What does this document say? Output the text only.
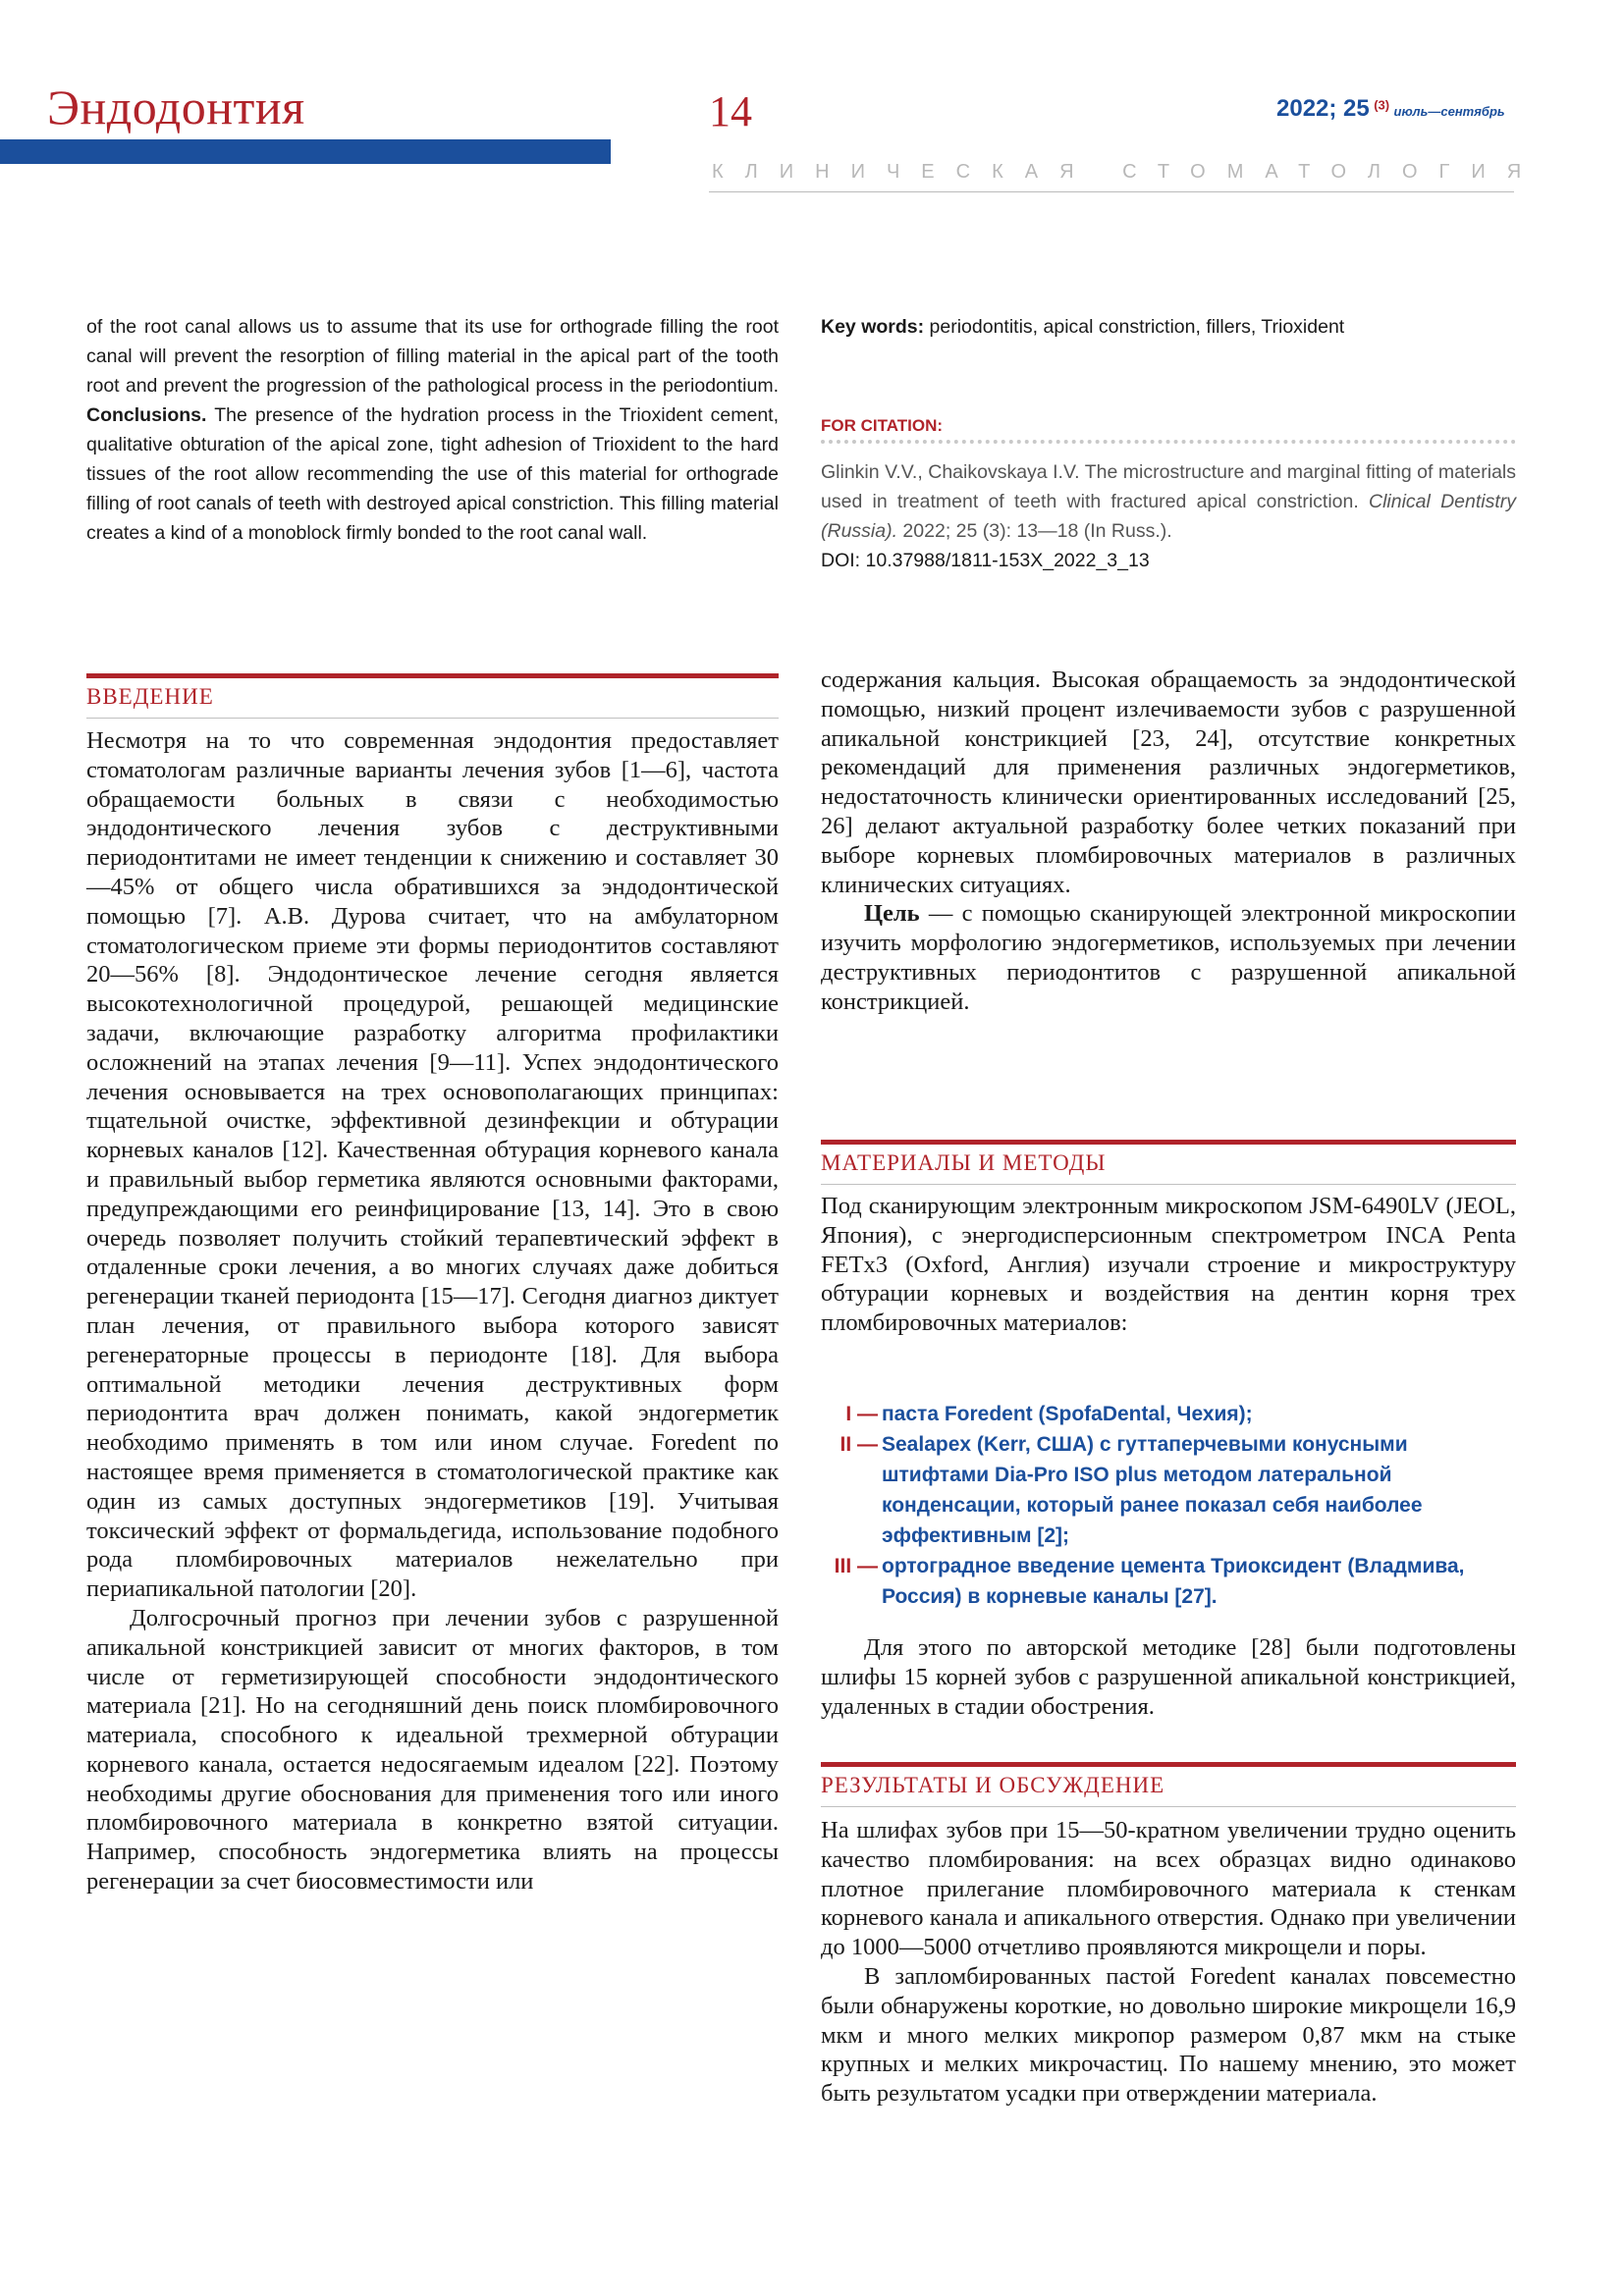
Эндодонтия	14	2022; 25 $^{(3)}$ июль—сентябрь
КЛИНИЧЕСКАЯ СТОМАТОЛОГИЯ
of the root canal allows us to assume that its use for orthograde filling the root canal will prevent the resorption of filling material in the apical part of the tooth root and prevent the progression of the pathological process in the periodontium. Conclusions. The presence of the hydration process in the Trioxident cement, qualitative obturation of the apical zone, tight adhesion of Trioxident to the hard tissues of the root allow recommending the use of this material for orthograde filling of root canals of teeth with destroyed apical constriction. This filling material creates a kind of a monoblock firmly bonded to the root canal wall.
Key words: periodontitis, apical constriction, fillers, Trioxident
FOR CITATION:
Glinkin V.V., Chaikovskaya I.V. The microstructure and marginal fitting of materials used in treatment of teeth with fractured apical constriction. Clinical Dentistry (Russia). 2022; 25 (3): 13—18 (In Russ.).
DOI: 10.37988/1811-153X_2022_3_13
ВВЕДЕНИЕ

Несмотря на то что современная эндодонтия предоставляет стоматологам различные варианты лечения зубов [1—6], частота обращаемости больных в связи с необходимостью эндодонтического лечения зубов с деструктивными периодонтитами не имеет тенденции к снижению и составляет 30—45% от общего числа обратившихся за эндодонтической помощью [7]. А.В. Дурова считает, что на амбулаторном стоматологическом приеме эти формы периодонтитов составляют 20—56% [8]. Эндодонтическое лечение сегодня является высокотехнологичной процедурой, решающей медицинские задачи, включающие разработку алгоритма профилактики осложнений на этапах лечения [9—11]. Успех эндодонтического лечения основывается на трех основополагающих принципах: тщательной очистке, эффективной дезинфекции и обтурации корневых каналов [12]. Качественная обтурация корневого канала и правильный выбор герметика являются основными факторами, предупреждающими его реинфицирование [13, 14]. Это в свою очередь позволяет получить стойкий терапевтический эффект в отдаленные сроки лечения, а во многих случаях даже добиться регенерации тканей периодонта [15—17]. Сегодня диагноз диктует план лечения, от правильного выбора которого зависят регенераторные процессы в периодонте [18]. Для выбора оптимальной методики лечения деструктивных форм периодонтита врач должен понимать, какой эндогерметик необходимо применять в том или ином случае. Foredent по настоящее время применяется в стоматологической практике как один из самых доступных эндогерметиков [19]. Учитывая токсический эффект от формальдегида, использование подобного рода пломбировочных материалов нежелательно при периапикальной патологии [20].

Долгосрочный прогноз при лечении зубов с разрушенной апикальной констрикцией зависит от многих факторов, в том числе от герметизирующей способности эндодонтического материала [21]. Но на сегодняшний день поиск пломбировочного материала, способного к идеальной трехмерной обтурации корневого канала, остается недосягаемым идеалом [22]. Поэтому необходимы другие обоснования для применения того или иного пломбировочного материала в конкретно взятой ситуации. Например, способность эндогерметика влиять на процессы регенерации за счет биосовместимости или

содержания кальция. Высокая обращаемость за эндодонтической помощью, низкий процент излечиваемости зубов с разрушенной апикальной констрикцией [23, 24], отсутствие конкретных рекомендаций для применения различных эндогерметиков, недостаточность клинически ориентированных исследований [25, 26] делают актуальной разработку более четких показаний при выборе корневых пломбировочных материалов в различных клинических ситуациях.

Цель — с помощью сканирующей электронной микроскопии изучить морфологию эндогерметиков, используемых при лечении деструктивных периодонтитов с разрушенной апикальной констрикцией.

МАТЕРИАЛЫ И МЕТОДЫ

Под сканирующим электронным микроскопом JSM-6490LV (JEOL, Япония), с энергодисперсионным спектрометром INCA Penta FETx3 (Oxford, Англия) изучали строение и микроструктуру обтурации корневых и воздействия на дентин корня трех пломбировочных материалов:

I — паста Foredent (SpofaDental, Чехия);
II — Sealapex (Kerr, США) с гуттаперчевыми конусными штифтами Dia-Pro ISO plus методом латеральной конденсации, который ранее показал себя наиболее эффективным [2];
III — ортоградное введение цемента Триоксидент (Владмива, Россия) в корневые каналы [27].

Для этого по авторской методике [28] были подготовлены шлифы 15 корней зубов с разрушенной апикальной констрикцией, удаленных в стадии обострения.

РЕЗУЛЬТАТЫ И ОБСУЖДЕНИЕ

На шлифах зубов при 15—50-кратном увеличении трудно оценить качество пломбирования: на всех образцах видно одинаково плотное прилегание пломбировочного материала к стенкам корневого канала и апикального отверстия. Однако при увеличении до 1000—5000 отчетливо проявляются микрощели и поры.

В запломбированных пастой Foredent каналах повсеместно были обнаружены короткие, но довольно широкие микрощели 16,9 мкм и много мелких микропор размером 0,87 мкм на стыке крупных и мелких микрочастиц. По нашему мнению, это может быть результатом усадки при отверждении материала.
